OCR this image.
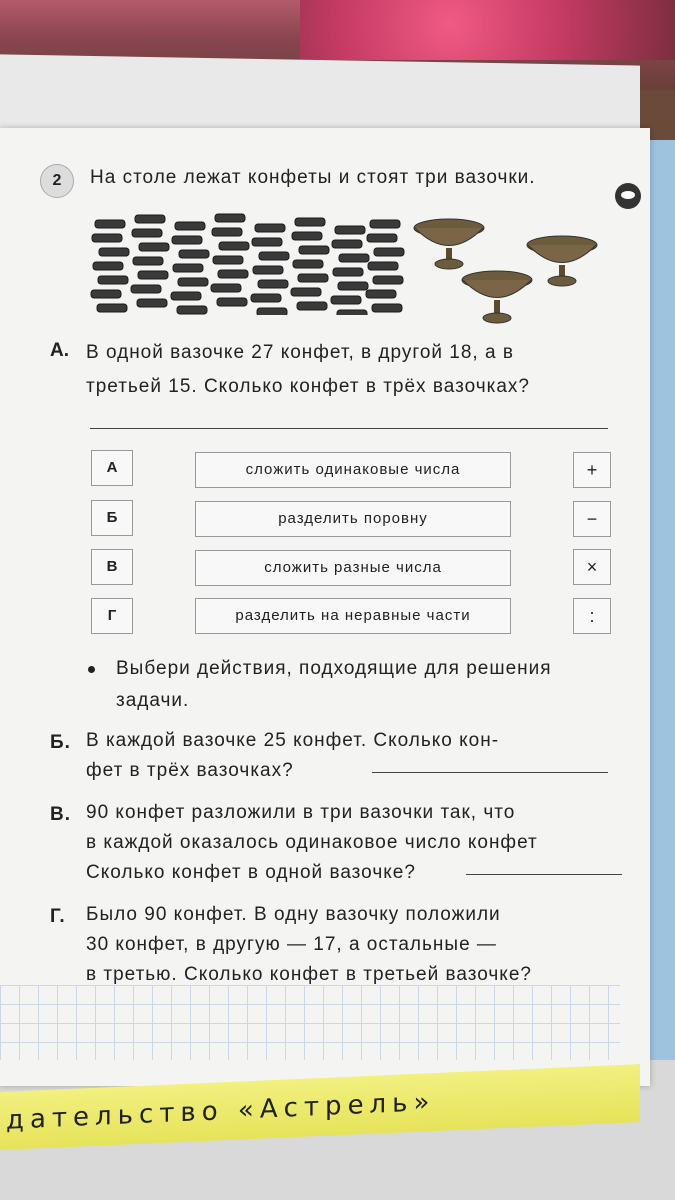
дательство «Астрель»
2	На столе лежат конфеты и стоят три вазочки.
А. В одной вазочке 27 конфет, в другой 18, а в
третьей 15. Сколько конфет в трёх вазочках?
А	сложить одинаковые числа	+
Б	разделить поровну	−
В	сложить разные числа	×
Г	разделить на неравные части	:
Выбери действия, подходящие для решения
задачи.
Б. В каждой вазочке 25 конфет. Сколько кон-
фет в трёх вазочках?
В. 90 конфет разложили в три вазочки так, что
в каждой оказалось одинаковое число конфет
Сколько конфет в одной вазочке?
Г. Было 90 конфет. В одну вазочку положили
30 конфет, в другую — 17, а остальные —
в третью. Сколько конфет в третьей вазочке?
